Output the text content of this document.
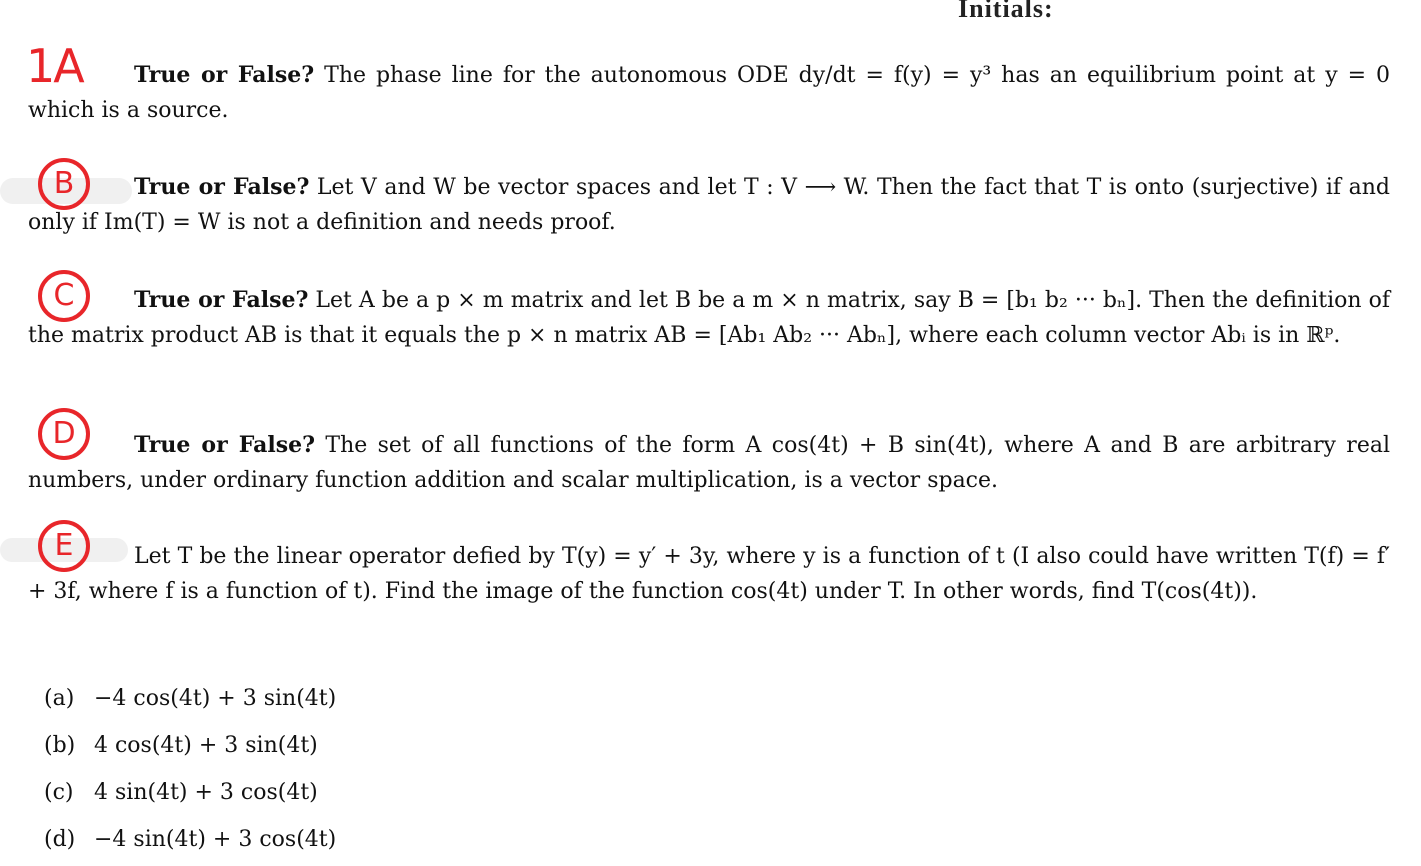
Initials:
True or False? The phase line for the autonomous ODE dy/dt = f(y) = y³ has an equilibrium point at y = 0 which is a source.
True or False? Let V and W be vector spaces and let T : V ⟶ W. Then the fact that T is onto (surjective) if and only if Im(T) = W is not a definition and needs proof.
True or False? Let A be a p × m matrix and let B be a m × n matrix, say B = [b₁ b₂ ··· bₙ]. Then the definition of the matrix product AB is that it equals the p × n matrix AB = [Ab₁ Ab₂ ··· Abₙ], where each column vector Abᵢ is in ℝᵖ.
True or False? The set of all functions of the form A cos(4t) + B sin(4t), where A and B are arbitrary real numbers, under ordinary function addition and scalar multiplication, is a vector space.
Let T be the linear operator defied by T(y) = y′ + 3y, where y is a function of t (I also could have written T(f) = f′ + 3f, where f is a function of t). Find the image of the function cos(4t) under T. In other words, find T(cos(4t)).
1A
B
C
D
E
(a) −4 cos(4t) + 3 sin(4t)
(b) 4 cos(4t) + 3 sin(4t)
(c) 4 sin(4t) + 3 cos(4t)
(d) −4 sin(4t) + 3 cos(4t)
